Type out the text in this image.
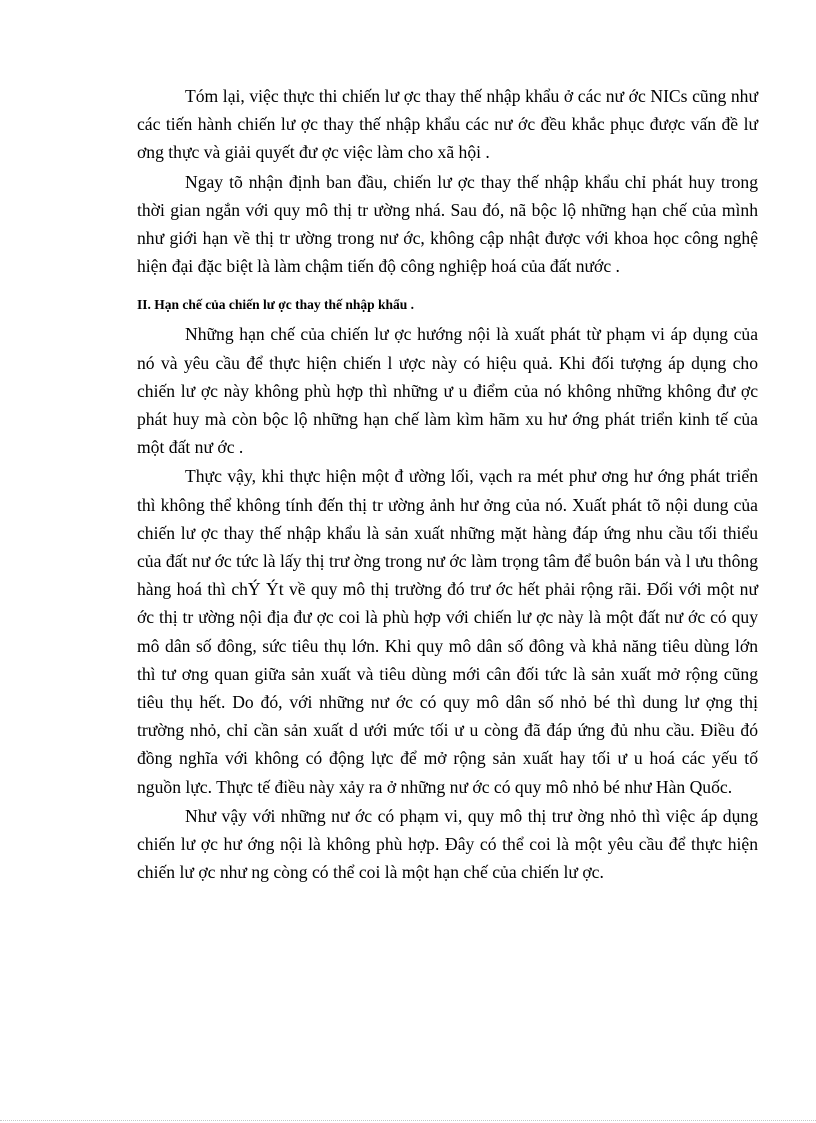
Tóm lại, việc thực thi chiến lư ợc thay thế nhập khẩu ở các nư ớc NICs cũng như các tiến hành chiến lư ợc thay thế nhập khẩu các nư ớc đều khắc phục được vấn đề lư ơng thực và giải quyết đư ợc việc làm cho xã hội .

Ngay tõ nhận định ban đầu, chiến lư ợc thay thế nhập khẩu chỉ phát huy trong thời gian ngắn với quy mô thị tr ường nhá. Sau đó, nã bộc lộ những hạn chế của mình như giới hạn về thị tr ường trong nư ớc, không cập nhật được với khoa học công nghệ hiện đại đặc biệt là làm chậm tiến độ công nghiệp hoá của đất nước .

II. Hạn chế của chiến lư ợc thay thế nhập khẩu .

Những hạn chế của chiến lư ợc hướng nội là xuất phát từ phạm vi áp dụng của nó và yêu cầu để thực hiện chiến l ược này có hiệu quả. Khi đối tượng áp dụng cho chiến lư ợc này không phù hợp thì những ư u điểm của nó không những không đư ợc phát huy mà còn bộc lộ những hạn chế làm kìm hãm xu hư ớng phát triển kinh tế của một đất nư ớc .

Thực vậy, khi thực hiện một đ ường lối, vạch ra mét phư ơng hư ớng phát triển thì không thể không tính đến thị tr ường ảnh hư ởng của nó. Xuất phát tõ nội dung của chiến lư ợc thay thế nhập khẩu là sản xuất những mặt hàng đáp ứng nhu cầu tối thiểu của đất nư ớc tức là lấy thị trư ờng trong nư ớc làm trọng tâm để buôn bán và l ưu thông hàng hoá thì chÝ Ýt về quy mô thị trường đó trư ớc hết phải rộng rãi. Đối với một nư ớc thị tr ường nội địa đư ợc coi là phù hợp với chiến lư ợc này là một đất nư ớc có quy mô dân số đông, sức tiêu thụ lớn. Khi quy mô dân số đông và khả năng tiêu dùng lớn thì tư ơng quan giữa sản xuất và tiêu dùng mới cân đối tức là sản xuất mở rộng cũng tiêu thụ hết. Do đó, với những nư ớc có quy mô dân số nhỏ bé thì dung lư ợng thị trường nhỏ, chỉ cần sản xuất d ưới mức tối ư u còng đã đáp ứng đủ nhu cầu. Điều đó đồng nghĩa với không có động lực để mở rộng sản xuất hay tối ư u hoá các yếu tố nguồn lực. Thực tế điều này xảy ra ở những nư ớc có quy mô nhỏ bé như Hàn Quốc.

Như vậy với những nư ớc có phạm vi, quy mô thị trư ờng nhỏ thì việc áp dụng chiến lư ợc hư ớng nội là không phù hợp. Đây có thể coi là một yêu cầu để thực hiện chiến lư ợc như ng còng có thể coi là một hạn chế của chiến lư ợc.
